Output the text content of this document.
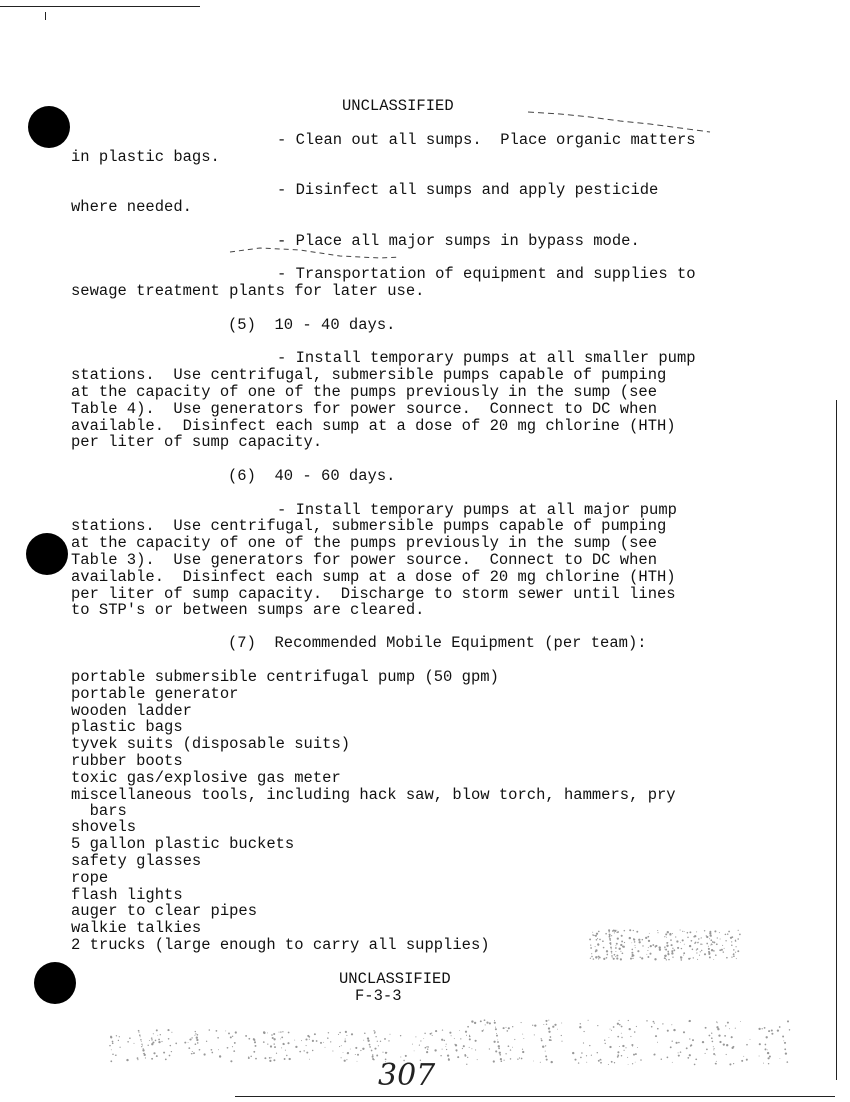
UNCLASSIFIED
- Clean out all sumps.  Place organic matters
in plastic bags.
- Disinfect all sumps and apply pesticide
where needed.
- Place all major sumps in bypass mode.
- Transportation of equipment and supplies to
sewage treatment plants for later use.
(5)  10 - 40 days.
- Install temporary pumps at all smaller pump
stations.  Use centrifugal, submersible pumps capable of pumping
at the capacity of one of the pumps previously in the sump (see
Table 4).  Use generators for power source.  Connect to DC when
available.  Disinfect each sump at a dose of 20 mg chlorine (HTH)
per liter of sump capacity.
(6)  40 - 60 days.
- Install temporary pumps at all major pump
stations.  Use centrifugal, submersible pumps capable of pumping
at the capacity of one of the pumps previously in the sump (see
Table 3).  Use generators for power source.  Connect to DC when
available.  Disinfect each sump at a dose of 20 mg chlorine (HTH)
per liter of sump capacity.  Discharge to storm sewer until lines
to STP's or between sumps are cleared.
(7)  Recommended Mobile Equipment (per team):
portable submersible centrifugal pump (50 gpm)
portable generator
wooden ladder
plastic bags
tyvek suits (disposable suits)
rubber boots
toxic gas/explosive gas meter
miscellaneous tools, including hack saw, blow torch, hammers, pry
bars
shovels
5 gallon plastic buckets
safety glasses
rope
flash lights
auger to clear pipes
walkie talkies
2 trucks (large enough to carry all supplies)
UNCLASSIFIED
F-3-3
307
